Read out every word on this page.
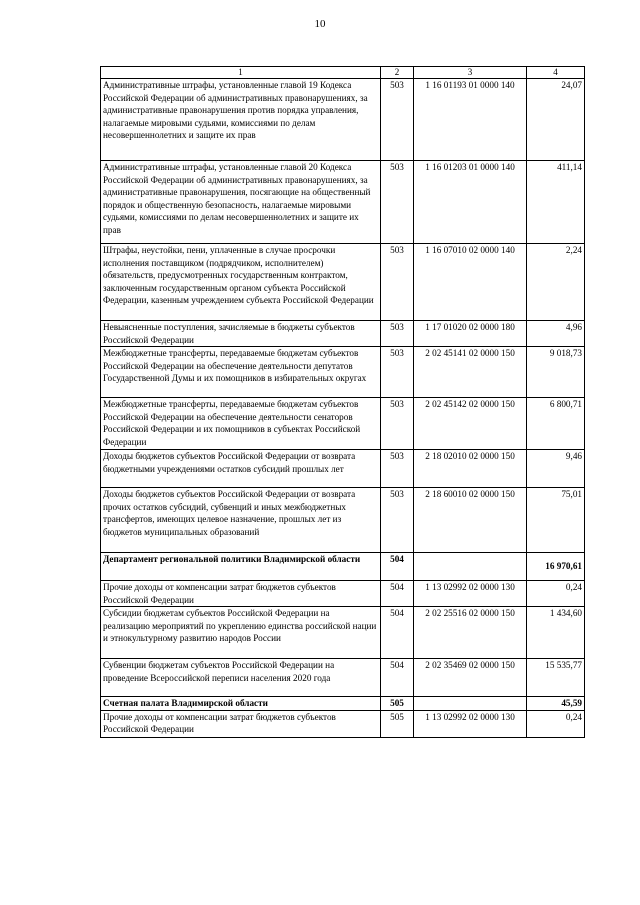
10
1	2	3	4
Административные штрафы, установленные главой 19 Кодекса Российской Федерации об административных правонарушениях, за административные правонарушения против порядка управления, налагаемые мировыми судьями, комиссиями по делам несовершеннолетних и защите их прав	503	1 16 01193 01 0000 140	24,07
Административные штрафы, установленные главой 20 Кодекса Российской Федерации об административных правонарушениях, за административные правонарушения, посягающие на общественный порядок и общественную безопасность, налагаемые мировыми судьями, комиссиями по делам несовершеннолетних и защите их прав	503	1 16 01203 01 0000 140	411,14
Штрафы, неустойки, пени, уплаченные в случае просрочки исполнения поставщиком (подрядчиком, исполнителем) обязательств, предусмотренных государственным контрактом, заключенным государственным органом субъекта Российской Федерации, казенным учреждением субъекта Российской Федерации	503	1 16 07010 02 0000 140	2,24
Невыясненные поступления, зачисляемые в бюджеты субъектов Российской Федерации	503	1 17 01020 02 0000 180	4,96
Межбюджетные трансферты, передаваемые бюджетам субъектов Российской Федерации на обеспечение деятельности депутатов Государственной Думы и их помощников в избирательных округах	503	2 02 45141 02 0000 150	9 018,73
Межбюджетные трансферты, передаваемые бюджетам субъектов Российской Федерации на обеспечение деятельности сенаторов Российской Федерации и их помощников в субъектах Российской Федерации	503	2 02 45142 02 0000 150	6 800,71
Доходы бюджетов субъектов Российской Федерации от возврата бюджетными учреждениями остатков субсидий прошлых лет	503	2 18 02010 02 0000 150	9,46
Доходы бюджетов субъектов Российской Федерации от возврата прочих остатков субсидий, субвенций и иных межбюджетных трансфертов, имеющих целевое назначение, прошлых лет из бюджетов муниципальных образований	503	2 18 60010 02 0000 150	75,01
Департамент региональной политики Владимирской области	504		16 970,61
Прочие доходы от компенсации затрат бюджетов субъектов Российской Федерации	504	1 13 02992 02 0000 130	0,24
Субсидии бюджетам субъектов Российской Федерации на реализацию мероприятий по укреплению единства российской нации и этнокультурному развитию народов России	504	2 02 25516 02 0000 150	1 434,60
Субвенции бюджетам субъектов Российской Федерации на проведение Всероссийской переписи населения 2020 года	504	2 02 35469 02 0000 150	15 535,77
Счетная палата Владимирской области	505		45,59
Прочие доходы от компенсации затрат бюджетов субъектов Российской Федерации	505	1 13 02992 02 0000 130	0,24
